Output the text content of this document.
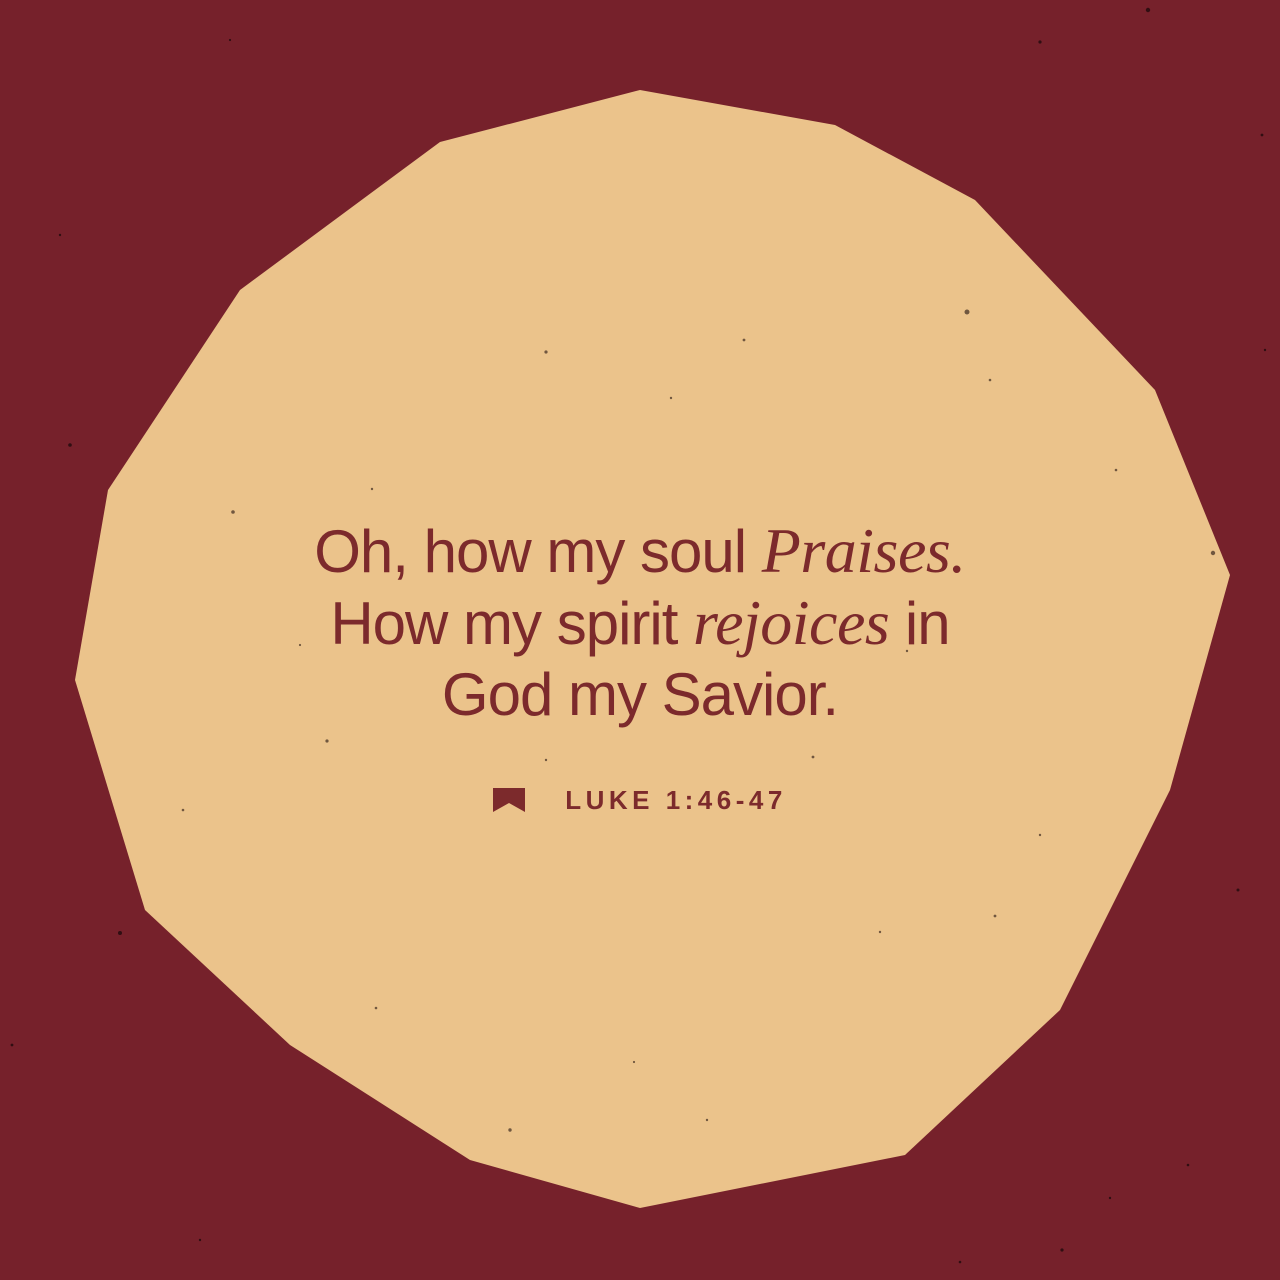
Oh, how my soul Praises.
How my spirit rejoices in
God my Savior.
LUKE 1:46-47
